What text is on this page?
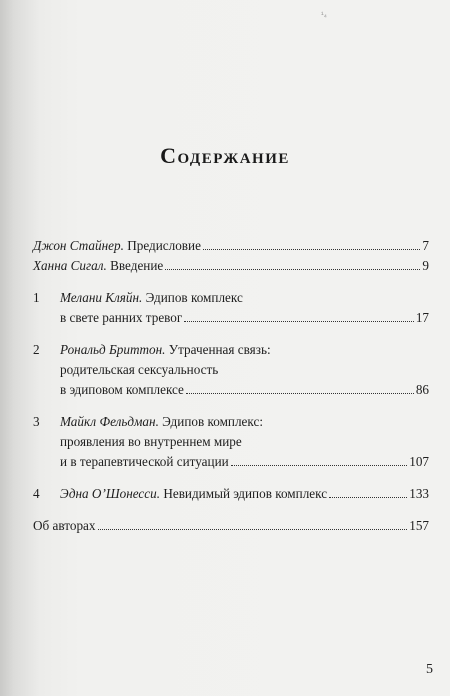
¹₄
Содержание
Джон Стайнер.
Предисловие	7
Ханна Сигал.
Введение	9
1	Мелани Кляйн.
Эдипов комплекс
в свете ранних тревог	17
2	Рональд Бриттон.
Утраченная связь:
родительская сексуальность
в эдиповом комплексе	86
3	Майкл Фельдман.
Эдипов комплекс:
проявления во внутреннем мире
и в терапевтической ситуации	107
4	Эдна О’Шонесси.
Невидимый эдипов комплекс	133
Об авторах	157
5
